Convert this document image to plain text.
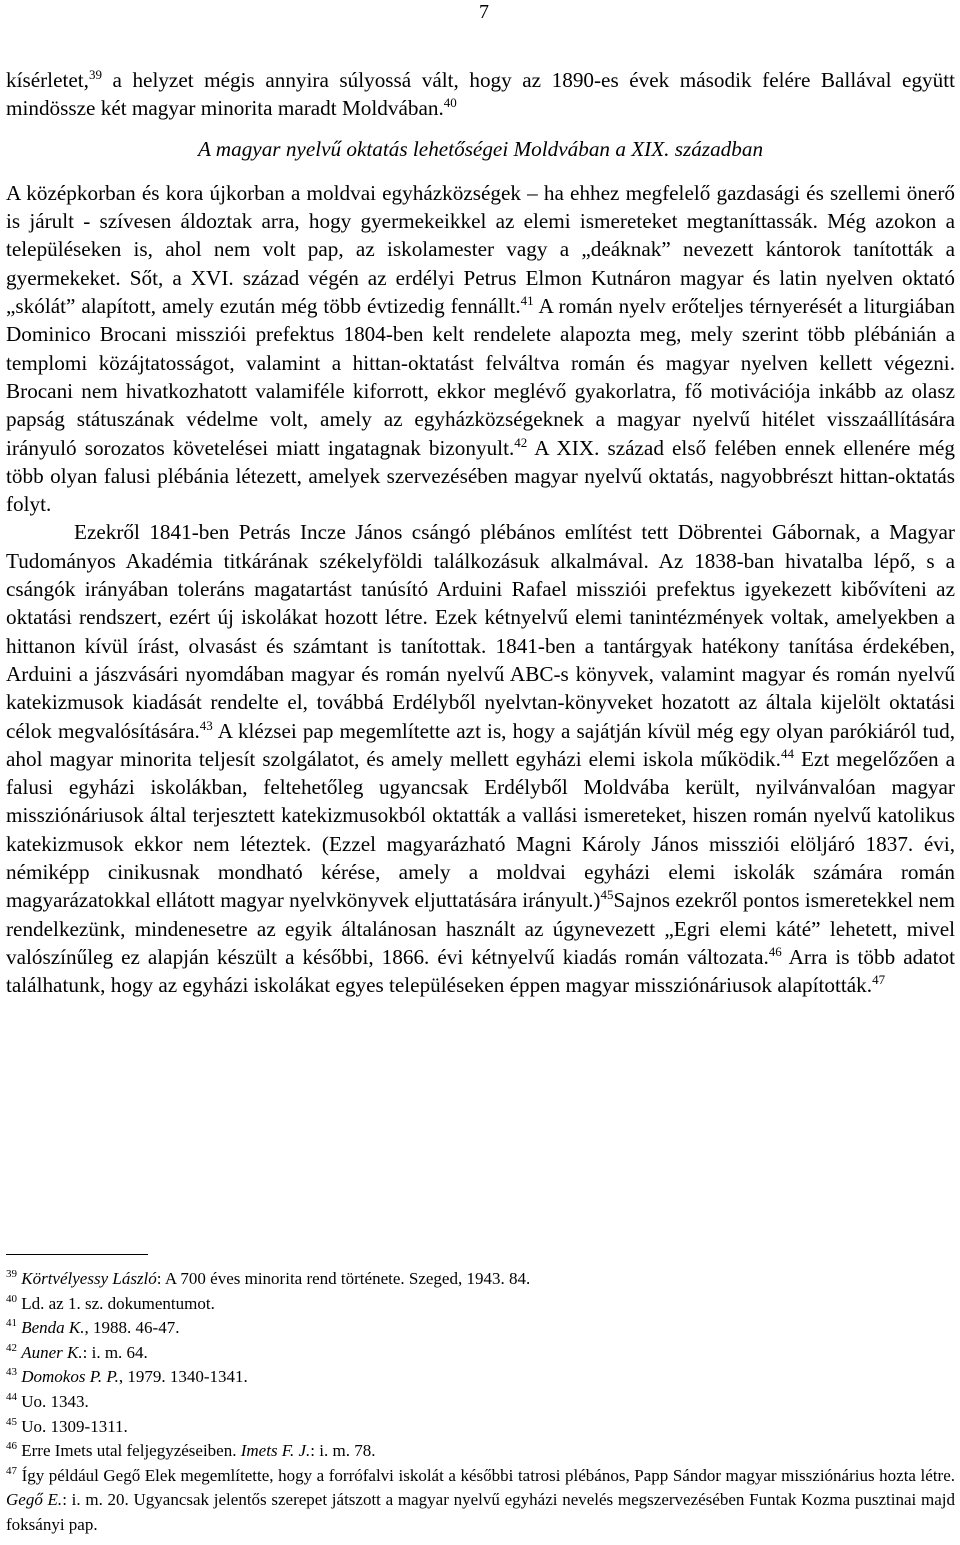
7

kísérletet,$^{39}$ a helyzet mégis annyira súlyossá vált, hogy az 1890-es évek második felére Ballával együtt mindössze két magyar minorita maradt Moldvában.$^{40}$

A magyar nyelvű oktatás lehetőségei Moldvában a XIX. században

A középkorban és kora újkorban a moldvai egyházközségek – ha ehhez megfelelő gazdasági és szellemi önerő is járult - szívesen áldoztak arra, hogy gyermekeikkel az elemi ismereteket megtaníttassák. Még azokon a településeken is, ahol nem volt pap, az iskolamester vagy a „deáknak” nevezett kántorok tanították a gyermekeket. Sőt, a XVI. század végén az erdélyi Petrus Elmon Kutnáron magyar és latin nyelven oktató „skólát” alapított, amely ezután még több évtizedig fennállt.$^{41}$ A román nyelv erőteljes térnyerését a liturgiában Dominico Brocani missziói prefektus 1804-ben kelt rendelete alapozta meg, mely szerint több plébánián a templomi közájtatosságot, valamint a hittan-oktatást felváltva román és magyar nyelven kellett végezni. Brocani nem hivatkozhatott valamiféle kiforrott, ekkor meglévő gyakorlatra, fő motivációja inkább az olasz papság státuszának védelme volt, amely az egyházközségeknek a magyar nyelvű hitélet visszaállítására irányuló sorozatos követelései miatt ingatagnak bizonyult.$^{42}$ A XIX. század első felében ennek ellenére még több olyan falusi plébánia létezett, amelyek szervezésében magyar nyelvű oktatás, nagyobbrészt hittan-oktatás folyt.

Ezekről 1841-ben Petrás Incze János csángó plébános említést tett Döbrentei Gábornak, a Magyar Tudományos Akadémia titkárának székelyföldi találkozásuk alkalmával. Az 1838-ban hivatalba lépő, s a csángók irányában toleráns magatartást tanúsító Arduini Rafael missziói prefektus igyekezett kibővíteni az oktatási rendszert, ezért új iskolákat hozott létre. Ezek kétnyelvű elemi tanintézmények voltak, amelyekben a hittanon kívül írást, olvasást és számtant is tanítottak. 1841-ben a tantárgyak hatékony tanítása érdekében, Arduini a jászvásári nyomdában magyar és román nyelvű ABC-s könyvek, valamint magyar és román nyelvű katekizmusok kiadását rendelte el, továbbá Erdélyből nyelvtan-könyveket hozatott az általa kijelölt oktatási célok megvalósítására.$^{43}$ A klézsei pap megemlítette azt is, hogy a sajátján kívül még egy olyan parókiáról tud, ahol magyar minorita teljesít szolgálatot, és amely mellett egyházi elemi iskola működik.$^{44}$ Ezt megelőzően a falusi egyházi iskolákban, feltehetőleg ugyancsak Erdélyből Moldvába került, nyilvánvalóan magyar missziónáriusok által terjesztett katekizmusokból oktatták a vallási ismereteket, hiszen román nyelvű katolikus katekizmusok ekkor nem léteztek. (Ezzel magyarázható Magni Károly János missziói elöljáró 1837. évi, némiképp cinikusnak mondható kérése, amely a moldvai egyházi elemi iskolák számára román magyarázatokkal ellátott magyar nyelvkönyvek eljuttatására irányult.)$^{45}$Sajnos ezekről pontos ismeretekkel nem rendelkezünk, mindenesetre az egyik általánosan használt az úgynevezett „Egri elemi káté” lehetett, mivel valószínűleg ez alapján készült a későbbi, 1866. évi kétnyelvű kiadás román változata.$^{46}$ Arra is több adatot találhatunk, hogy az egyházi iskolákat egyes településeken éppen magyar missziónáriusok alapították.$^{47}$

$^{39}$ Körtvélyessy László: A 700 éves minorita rend története. Szeged, 1943. 84.

$^{40}$ Ld. az 1. sz. dokumentumot.

$^{41}$ Benda K., 1988. 46-47.

$^{42}$ Auner K.: i. m. 64.

$^{43}$ Domokos P. P., 1979. 1340-1341.

$^{44}$ Uo. 1343.

$^{45}$ Uo. 1309-1311.

$^{46}$ Erre Imets utal feljegyzéseiben. Imets F. J.: i. m. 78.

$^{47}$ Így például Gegő Elek megemlítette, hogy a forrófalvi iskolát a későbbi tatrosi plébános, Papp Sándor magyar missziónárius hozta létre. Gegő E.: i. m. 20. Ugyancsak jelentős szerepet játszott a magyar nyelvű egyházi nevelés megszervezésében Funtak Kozma pusztinai majd foksányi pap.
